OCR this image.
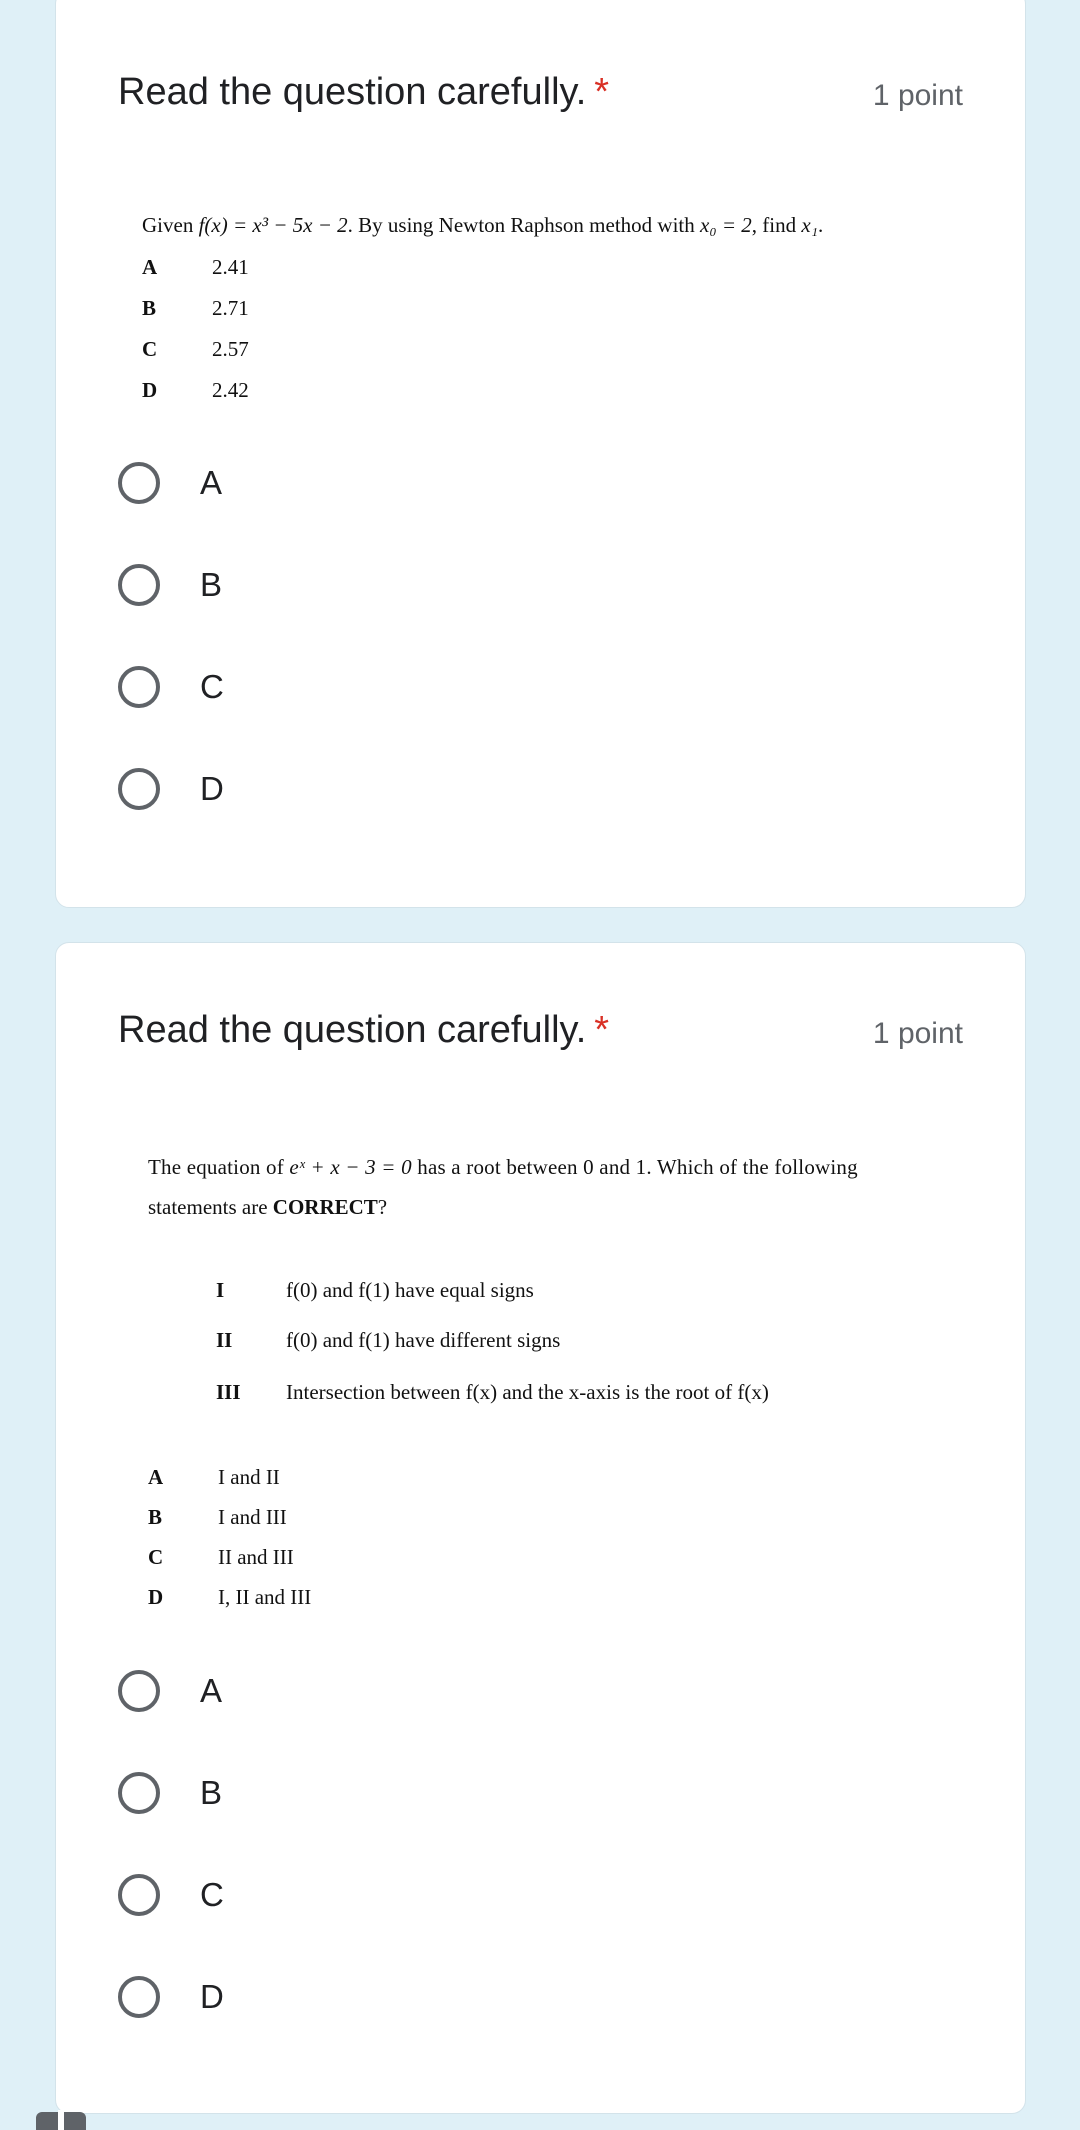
Read the question carefully. *	1 point
Given f(x) = x³ − 5x − 2. By using Newton Raphson method with x₀ = 2, find x₁.
A	2.41
B	2.71
C	2.57
D	2.42
A
B
C
D
Read the question carefully. *	1 point
The equation of eˣ + x − 3 = 0 has a root between 0 and 1. Which of the following
statements are CORRECT?
I	f(0) and f(1) have equal signs
II	f(0) and f(1) have different signs
III Intersection between f(x) and the x-axis is the root of f(x)
A	I and II
B	I and III
C	II and III
D	I, II and III
A
B
C
D
